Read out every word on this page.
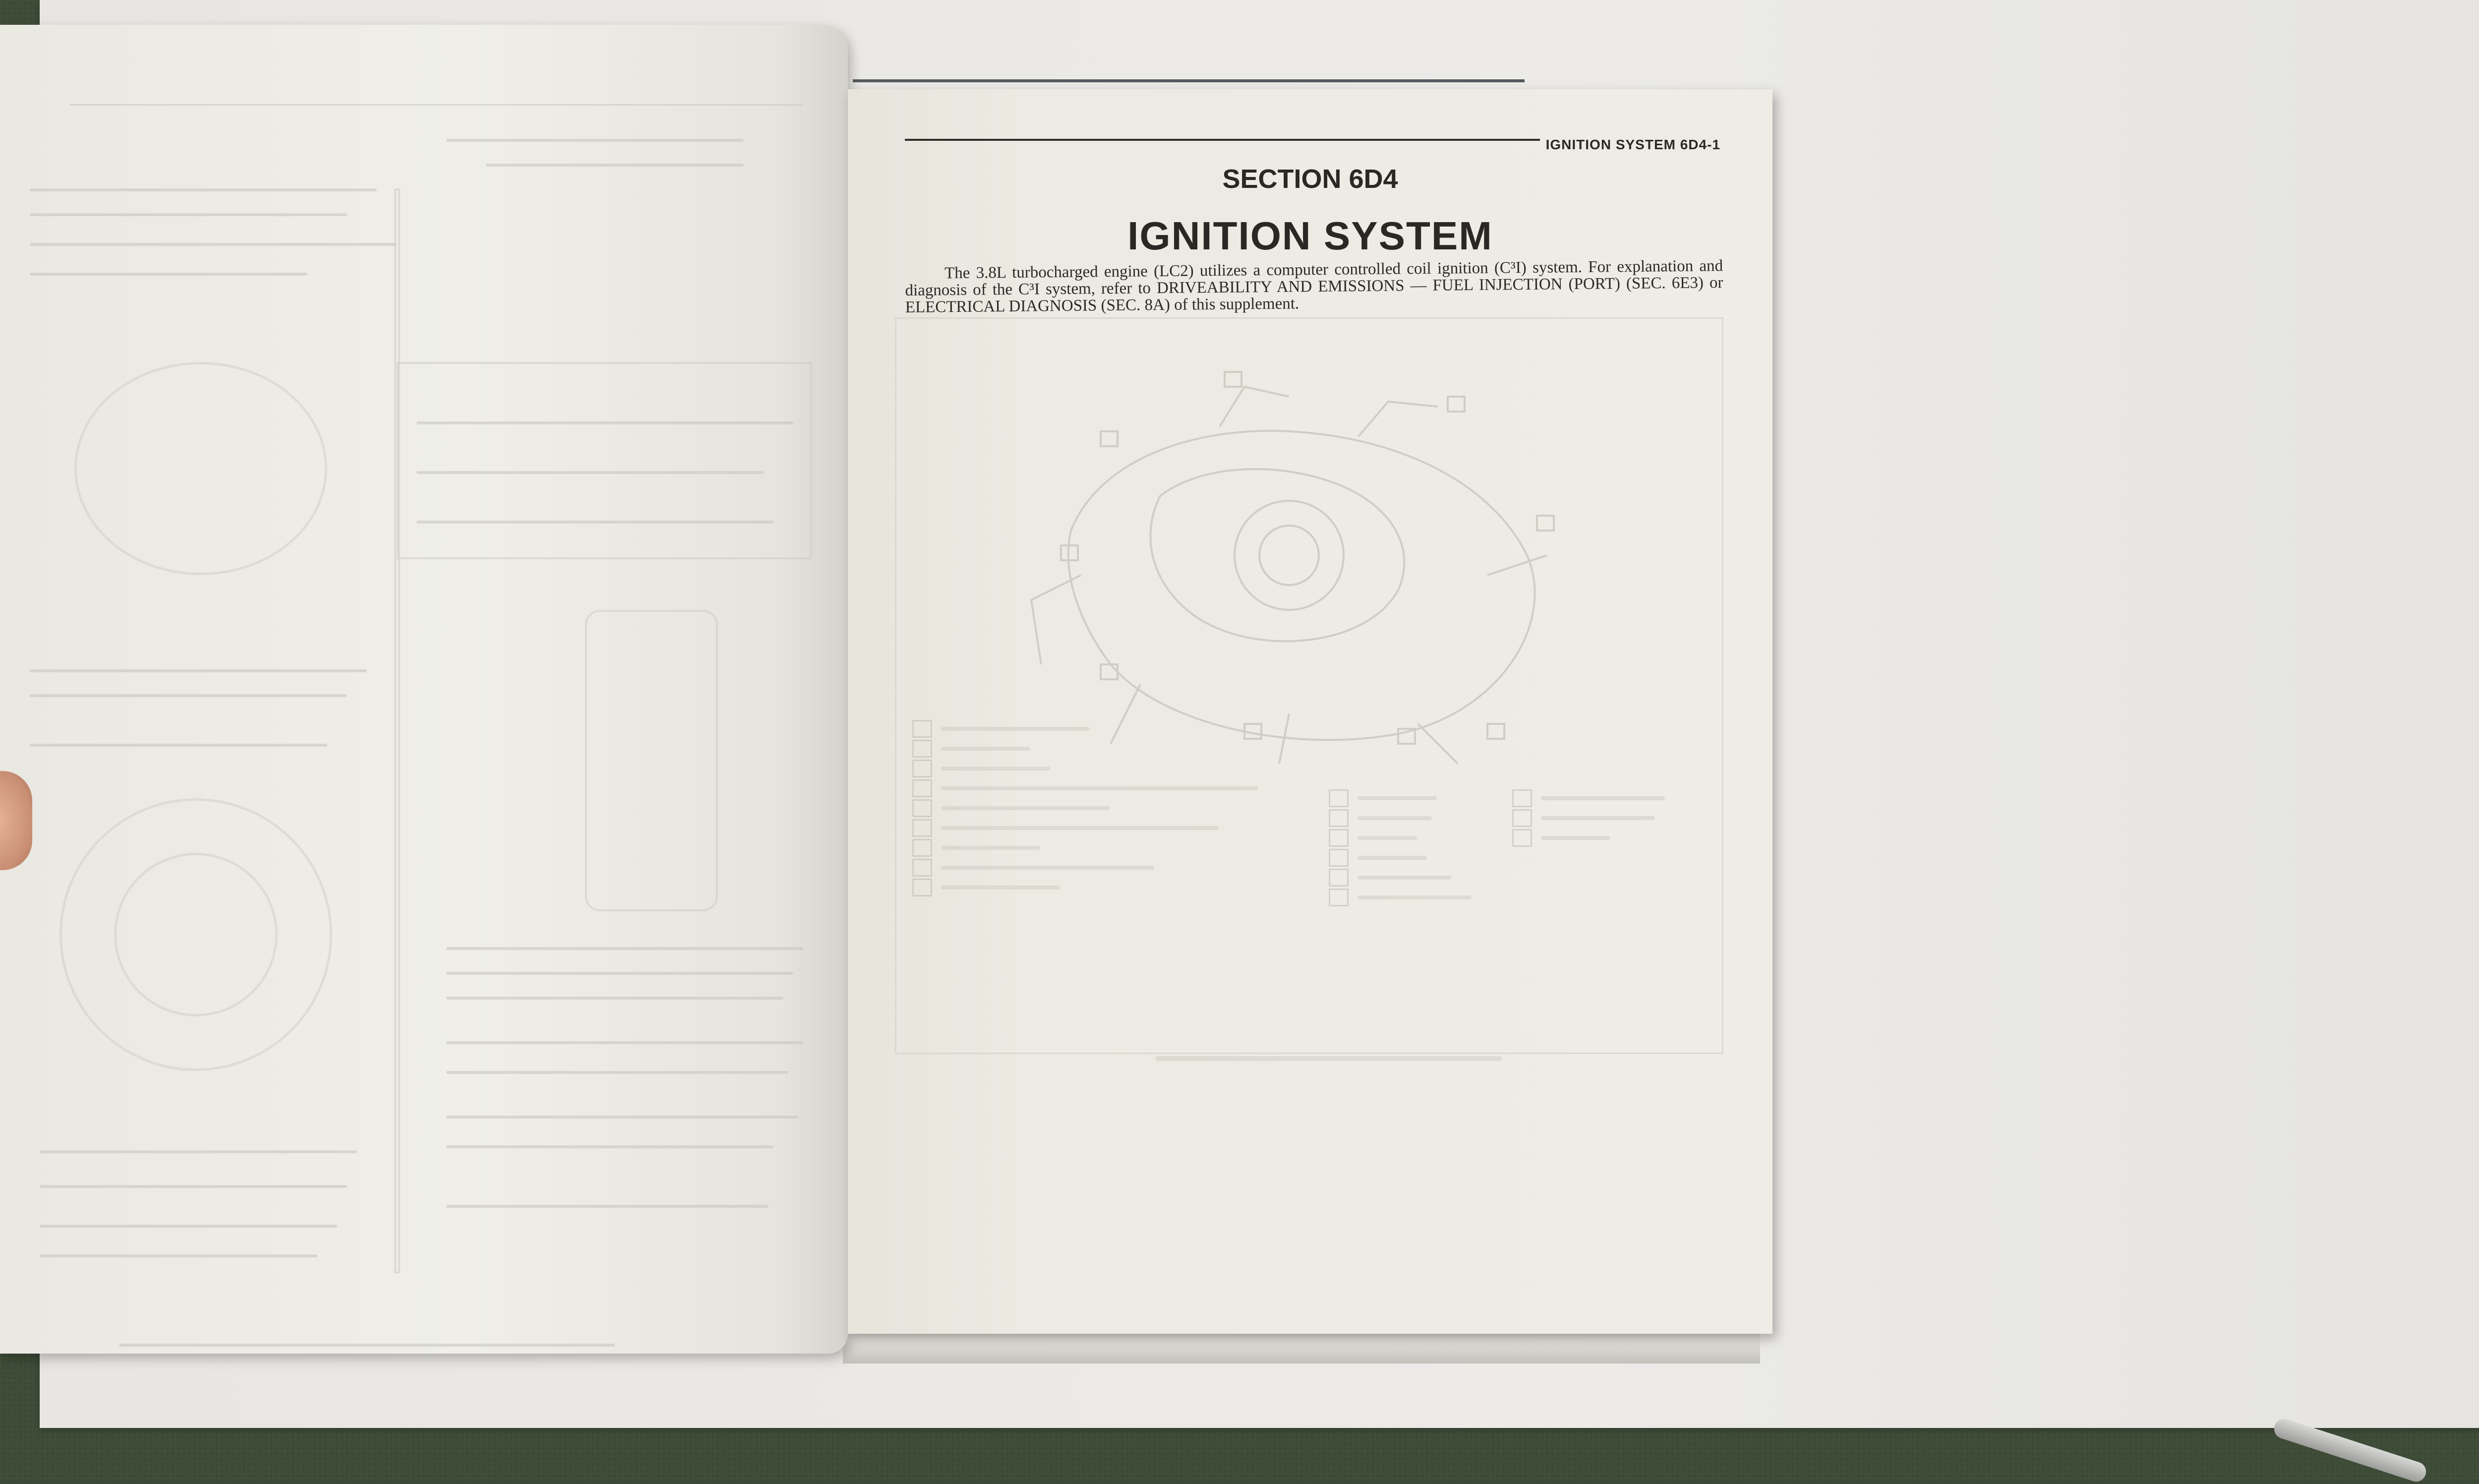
IGNITION SYSTEM 6D4-1
SECTION 6D4
IGNITION SYSTEM
The 3.8L turbocharged engine (LC2) utilizes a computer controlled coil ignition (C³I) system. For explanation and diagnosis of the C³I system, refer to DRIVEABILITY AND EMISSIONS — FUEL INJECTION (PORT) (SEC. 6E3) or ELECTRICAL DIAGNOSIS (SEC. 8A) of this supplement.
